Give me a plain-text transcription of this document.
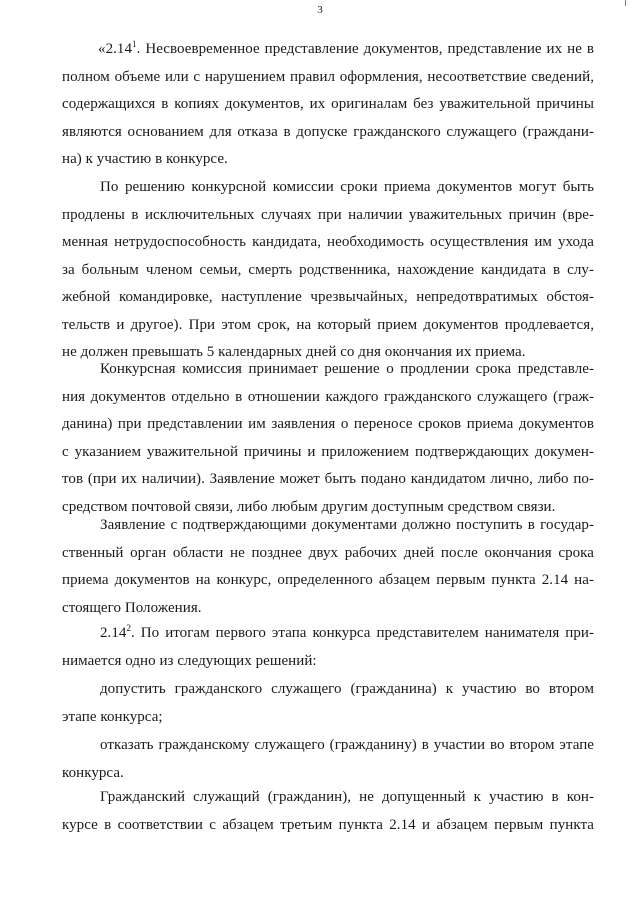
3
«2.14$^1$. Несвоевременное представление документов, представление их не в
полном объеме или с нарушением правил оформления, несоответствие сведений,
содержащихся в копиях документов, их оригиналам без уважительной причины
являются основанием для отказа в допуске гражданского служащего (граждани-
на) к участию в конкурсе.
По решению конкурсной комиссии сроки приема документов могут быть
продлены в исключительных случаях при наличии уважительных причин (вре-
менная нетрудоспособность кандидата, необходимость осуществления им ухода
за больным членом семьи, смерть родственника, нахождение кандидата в слу-
жебной командировке, наступление чрезвычайных, непредотвратимых обстоя-
тельств и другое). При этом срок, на который прием документов продлевается,
не должен превышать 5 календарных дней со дня окончания их приема.
Конкурсная комиссия принимает решение о продлении срока представле-
ния документов отдельно в отношении каждого гражданского служащего (граж-
данина) при представлении им заявления о переносе сроков приема документов
с указанием уважительной причины и приложением подтверждающих докумен-
тов (при их наличии). Заявление может быть подано кандидатом лично, либо по-
средством почтовой связи, либо любым другим доступным средством связи.
Заявление с подтверждающими документами должно поступить в государ-
ственный орган области не позднее двух рабочих дней после окончания срока
приема документов на конкурс, определенного абзацем первым пункта 2.14 на-
стоящего Положения.
2.14$^2$. По итогам первого этапа конкурса представителем нанимателя при-
нимается одно из следующих решений:
допустить гражданского служащего (гражданина) к участию во втором
этапе конкурса;
отказать гражданскому служащего (гражданину) в участии во втором этапе
конкурса.
Гражданский служащий (гражданин), не допущенный к участию в кон-
курсе в соответствии с абзацем третьим пункта 2.14 и абзацем первым пункта
